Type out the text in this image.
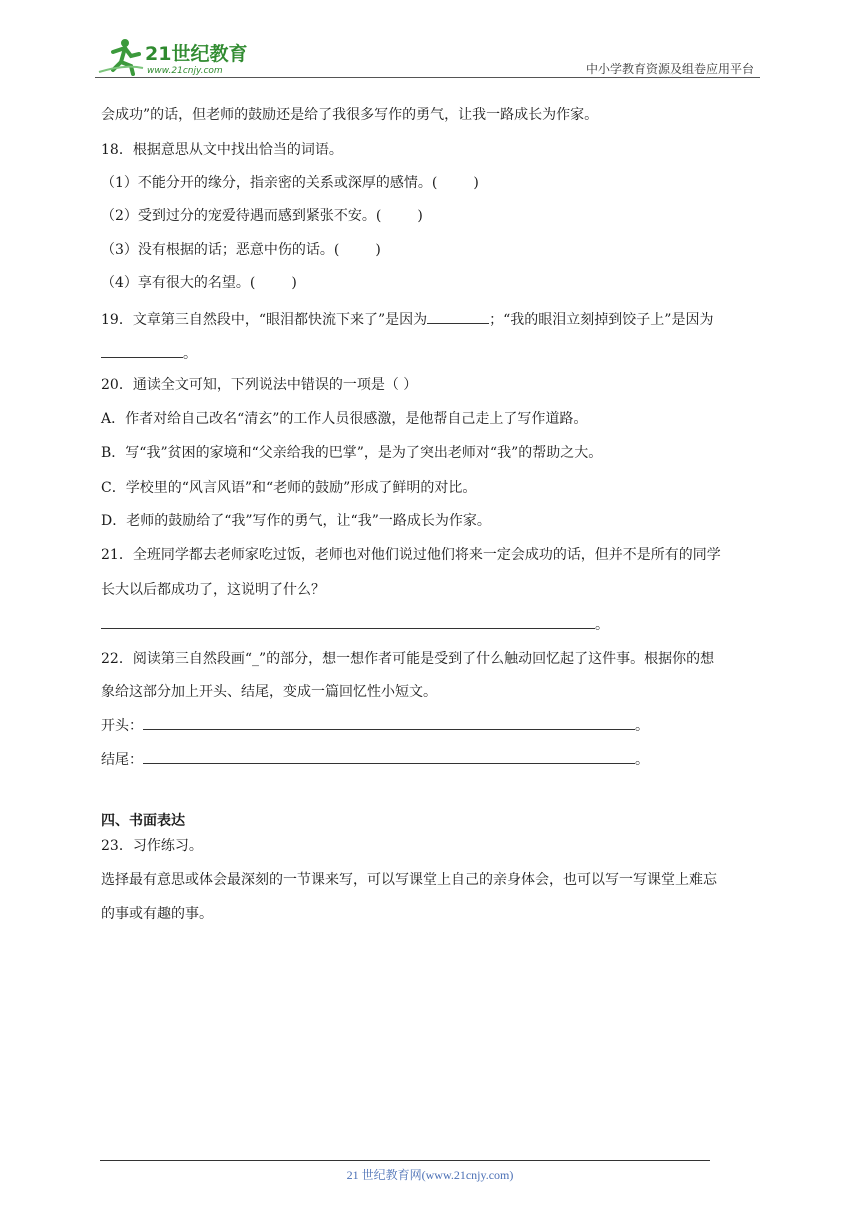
21世纪教育
www.21cnjy.com	中小学教育资源及组卷应用平台
会成功”的话，但老师的鼓励还是给了我很多写作的勇气，让我一路成长为作家。
18．根据意思从文中找出恰当的词语。
（1）不能分开的缘分，指亲密的关系或深厚的感情。(	)
（2）受到过分的宠爱待遇而感到紧张不安。(	)
（3）没有根据的话；恶意中伤的话。(	)
（4）享有很大的名望。(	)
19．文章第三自然段中，“眼泪都快流下来了”是因为	；“我的眼泪立刻掉到饺子上”是因为
。
20．通读全文可知，下列说法中错误的一项是（ ）
A．作者对给自己改名“清玄”的工作人员很感激，是他帮自己走上了写作道路。
B．写“我”贫困的家境和“父亲给我的巴掌”，是为了突出老师对“我”的帮助之大。
C．学校里的“风言风语”和“老师的鼓励”形成了鲜明的对比。
D．老师的鼓励给了“我”写作的勇气，让“我”一路成长为作家。
21．全班同学都去老师家吃过饭，老师也对他们说过他们将来一定会成功的话，但并不是所有的同学
长大以后都成功了，这说明了什么？
。
22．阅读第三自然段画“_”的部分，想一想作者可能是受到了什么触动回忆起了这件事。根据你的想
象给这部分加上开头、结尾，变成一篇回忆性小短文。
开头：	。
结尾：	。
四、书面表达
23．习作练习。
选择最有意思或体会最深刻的一节课来写，可以写课堂上自己的亲身体会，也可以写一写课堂上难忘
的事或有趣的事。
21 世纪教育网(www.21cnjy.com)
